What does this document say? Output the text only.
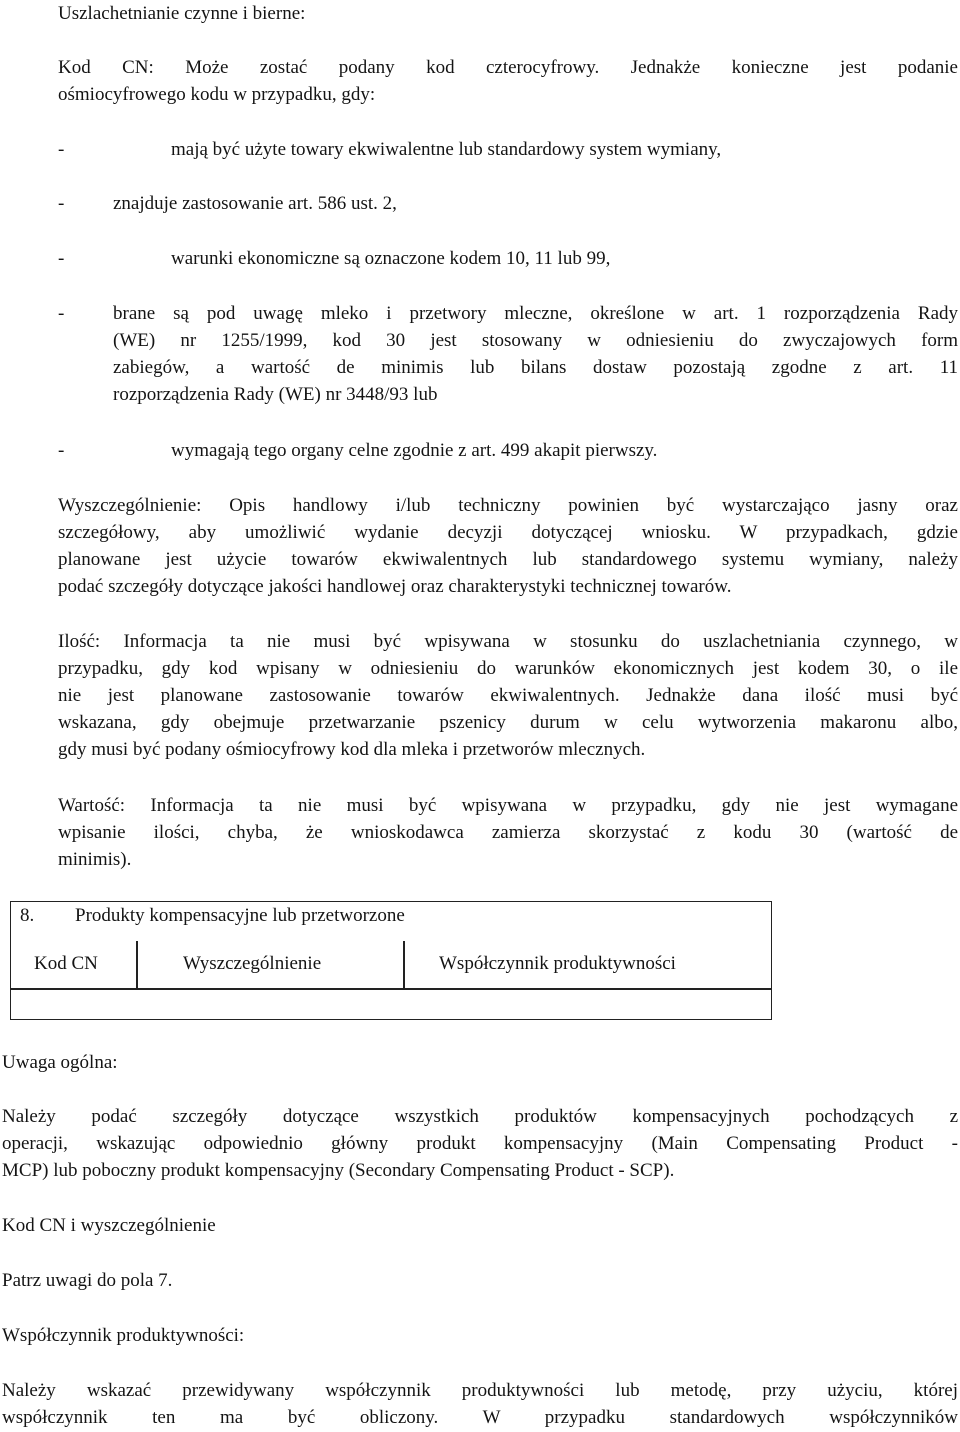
Uszlachetnianie czynne i bierne:
Kod CN: Może zostać podany kod czterocyfrowy. Jednakże konieczne jest podanie
ośmiocyfrowego kodu w przypadku, gdy:
-	mają być użyte towary ekwiwalentne lub standardowy system wymiany,
-	znajduje zastosowanie art. 586 ust. 2,
-	warunki ekonomiczne są oznaczone kodem 10, 11 lub 99,
-	brane są pod uwagę mleko i przetwory mleczne, określone w art. 1 rozporządzenia Rady
(WE) nr 1255/1999, kod 30 jest stosowany w odniesieniu do zwyczajowych form
zabiegów, a wartość de minimis lub bilans dostaw pozostają zgodne z art. 11
rozporządzenia Rady (WE) nr 3448/93 lub
-	wymagają tego organy celne zgodnie z art. 499 akapit pierwszy.
Wyszczególnienie: Opis handlowy i/lub techniczny powinien być wystarczająco jasny oraz
szczegółowy, aby umożliwić wydanie decyzji dotyczącej wniosku. W przypadkach, gdzie
planowane jest użycie towarów ekwiwalentnych lub standardowego systemu wymiany, należy
podać szczegóły dotyczące jakości handlowej oraz charakterystyki technicznej towarów.
Ilość: Informacja ta nie musi być wpisywana w stosunku do uszlachetniania czynnego, w
przypadku, gdy kod wpisany w odniesieniu do warunków ekonomicznych jest kodem 30, o ile
nie jest planowane zastosowanie towarów ekwiwalentnych. Jednakże dana ilość musi być
wskazana, gdy obejmuje przetwarzanie pszenicy durum w celu wytworzenia makaronu albo,
gdy musi być podany ośmiocyfrowy kod dla mleka i przetworów mlecznych.
Wartość: Informacja ta nie musi być wpisywana w przypadku, gdy nie jest wymagane
wpisanie ilości, chyba, że wnioskodawca zamierza skorzystać z kodu 30 (wartość de
minimis).
8. Produkty kompensacyjne lub przetworzone
Kod CN	Wyszczególnienie	Współczynnik produktywności
Uwaga ogólna:
Należy podać szczegóły dotyczące wszystkich produktów kompensacyjnych pochodzących z
operacji, wskazując odpowiednio główny produkt kompensacyjny (Main Compensating Product -
MCP) lub poboczny produkt kompensacyjny (Secondary Compensating Product - SCP).
Kod CN i wyszczególnienie
Patrz uwagi do pola 7.
Współczynnik produktywności:
Należy wskazać przewidywany współczynnik produktywności lub metodę, przy użyciu, której
współczynnik ten ma być obliczony. W przypadku standardowych współczynników
